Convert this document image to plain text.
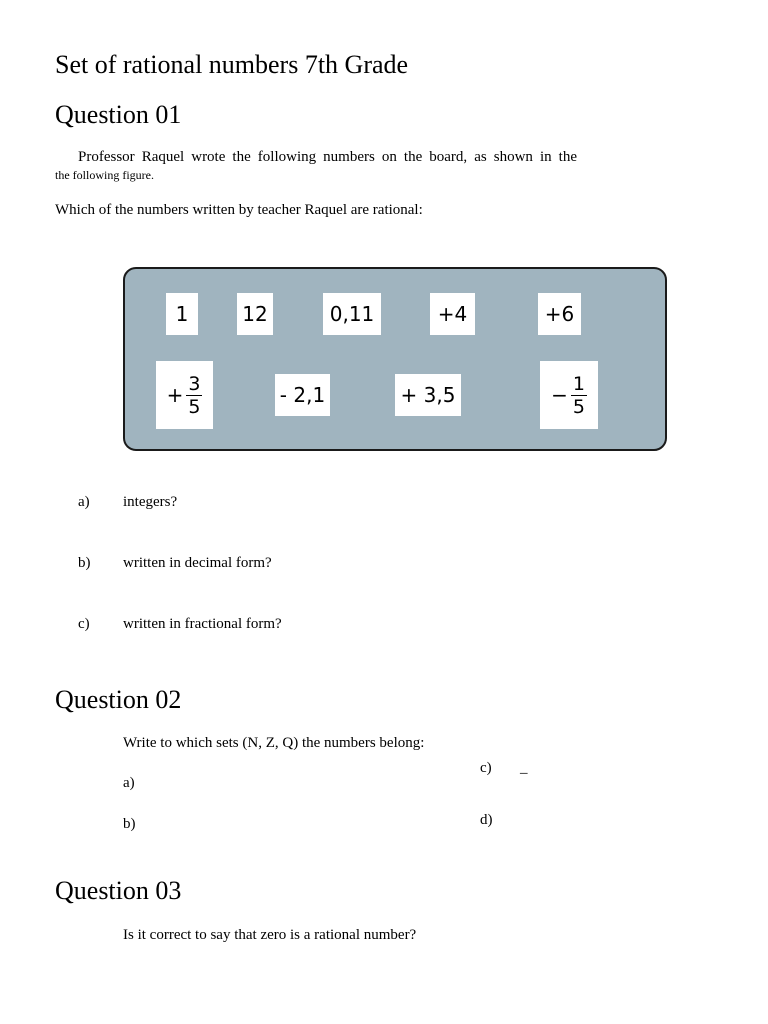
Set of rational numbers 7th Grade
Question 01
Professor Raquel wrote the following numbers on the board, as shown in the
the following figure.
Which of the numbers written by teacher Raquel are rational:
1	12	0,11	+4	+6
+ $\frac{3}{5}$	- 2,1	+ 3,5	− $\frac{1}{5}$
a) integers?
b) written in decimal form?
c) written in fractional form?
Question 02
Write to which sets (N, Z, Q) the numbers belong:
a)
b)
c) _
d)
Question 03
Is it correct to say that zero is a rational number?
